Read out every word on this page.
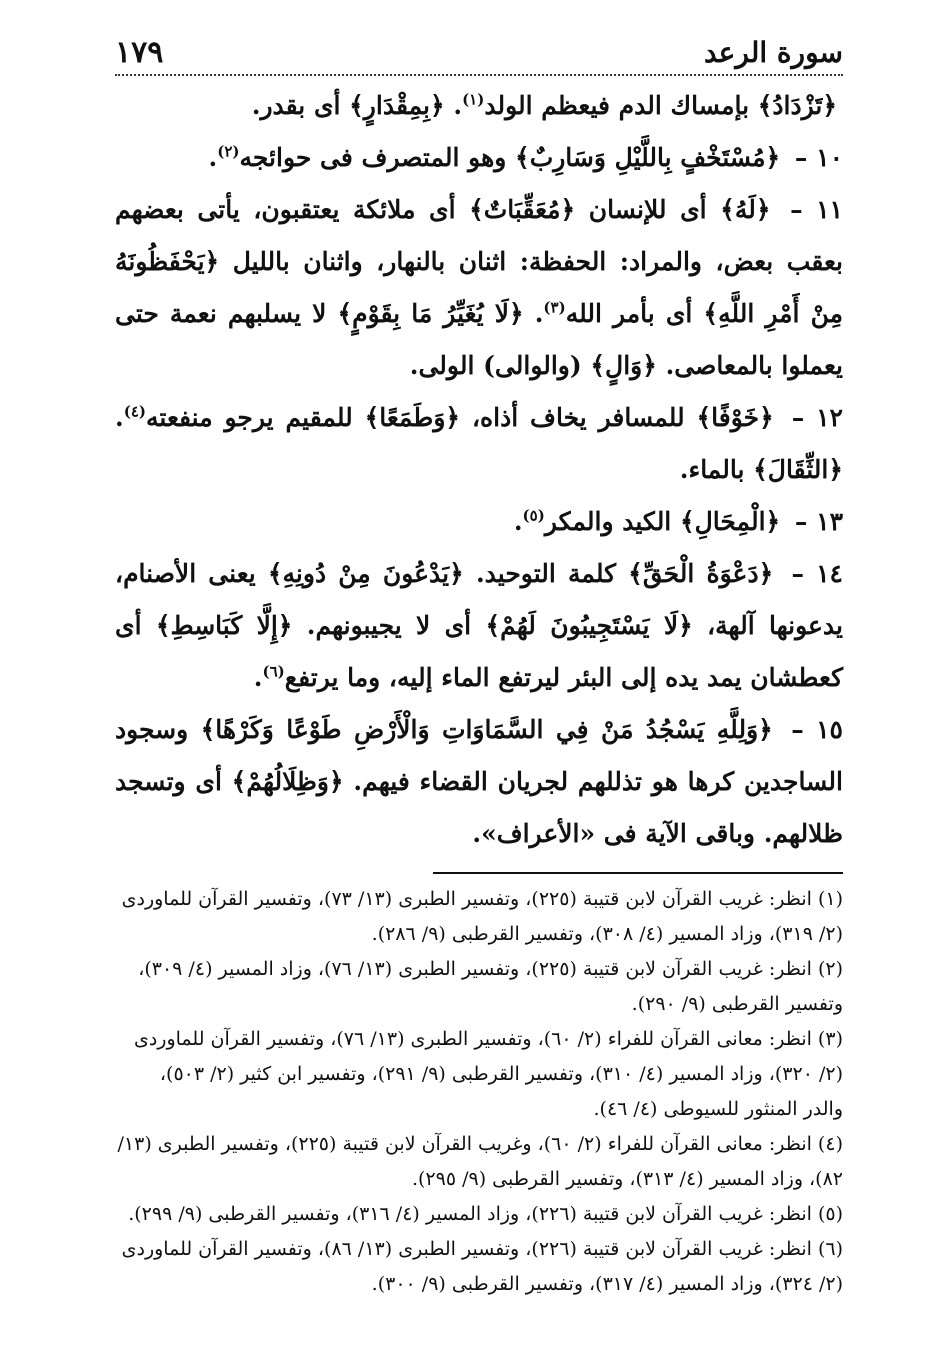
سورة الرعد
١٧٩

﴿تَزْدَادُ﴾ بإمساك الدم فيعظم الولد$^{(١)}$. ﴿بِمِقْدَارٍ﴾ أى بقدر.

١٠ – ﴿مُسْتَخْفٍ بِاللَّيْلِ وَسَارِبٌ﴾ وهو المتصرف فى حوائجه$^{(٢)}$.

١١ – ﴿لَهُ﴾ أى للإنسان ﴿مُعَقِّبَاتٌ﴾ أى ملائكة يعتقبون، يأتى بعضهم بعقب بعض، والمراد: الحفظة: اثنان بالنهار، واثنان بالليل ﴿يَحْفَظُونَهُ مِنْ أَمْرِ اللَّهِ﴾ أى بأمر الله$^{(٣)}$. ﴿لَا يُغَيِّرُ مَا بِقَوْمٍ﴾ لا يسلبهم نعمة حتى يعملوا بالمعاصى. ﴿وَالٍ﴾ (والوالى) الولى.

١٢ – ﴿خَوْفًا﴾ للمسافر يخاف أذاه، ﴿وَطَمَعًا﴾ للمقيم يرجو منفعته$^{(٤)}$. ﴿الثِّقَالَ﴾ بالماء.

١٣ – ﴿الْمِحَالِ﴾ الكيد والمكر$^{(٥)}$.

١٤ – ﴿دَعْوَةُ الْحَقِّ﴾ كلمة التوحيد. ﴿يَدْعُونَ مِنْ دُونِهِ﴾ يعنى الأصنام، يدعونها آلهة، ﴿لَا يَسْتَجِيبُونَ لَهُمْ﴾ أى لا يجيبونهم. ﴿إِلَّا كَبَاسِطِ﴾ أى كعطشان يمد يده إلى البئر ليرتفع الماء إليه، وما يرتفع$^{(٦)}$.

١٥ – ﴿وَلِلَّهِ يَسْجُدُ مَنْ فِي السَّمَاوَاتِ وَالْأَرْضِ طَوْعًا وَكَرْهًا﴾ وسجود الساجدين كرها هو تذللهم لجريان القضاء فيهم. ﴿وَظِلَالُهُمْ﴾ أى وتسجد ظلالهم. وباقى الآية فى «الأعراف».

(١) انظر: غريب القرآن لابن قتيبة (٢٢٥)، وتفسير الطبرى (١٣/ ٧٣)، وتفسير القرآن للماوردى (٢/ ٣١٩)، وزاد المسير (٤/ ٣٠٨)، وتفسير القرطبى (٩/ ٢٨٦).

(٢) انظر: غريب القرآن لابن قتيبة (٢٢٥)، وتفسير الطبرى (١٣/ ٧٦)، وزاد المسير (٤/ ٣٠٩)، وتفسير القرطبى (٩/ ٢٩٠).

(٣) انظر: معانى القرآن للفراء (٢/ ٦٠)، وتفسير الطبرى (١٣/ ٧٦)، وتفسير القرآن للماوردى (٢/ ٣٢٠)، وزاد المسير (٤/ ٣١٠)، وتفسير القرطبى (٩/ ٢٩١)، وتفسير ابن كثير (٢/ ٥٠٣)، والدر المنثور للسيوطى (٤/ ٤٦).

(٤) انظر: معانى القرآن للفراء (٢/ ٦٠)، وغريب القرآن لابن قتيبة (٢٢٥)، وتفسير الطبرى (١٣/ ٨٢)، وزاد المسير (٤/ ٣١٣)، وتفسير القرطبى (٩/ ٢٩٥).

(٥) انظر: غريب القرآن لابن قتيبة (٢٢٦)، وزاد المسير (٤/ ٣١٦)، وتفسير القرطبى (٩/ ٢٩٩).

(٦) انظر: غريب القرآن لابن قتيبة (٢٢٦)، وتفسير الطبرى (١٣/ ٨٦)، وتفسير القرآن للماوردى (٢/ ٣٢٤)، وزاد المسير (٤/ ٣١٧)، وتفسير القرطبى (٩/ ٣٠٠).
